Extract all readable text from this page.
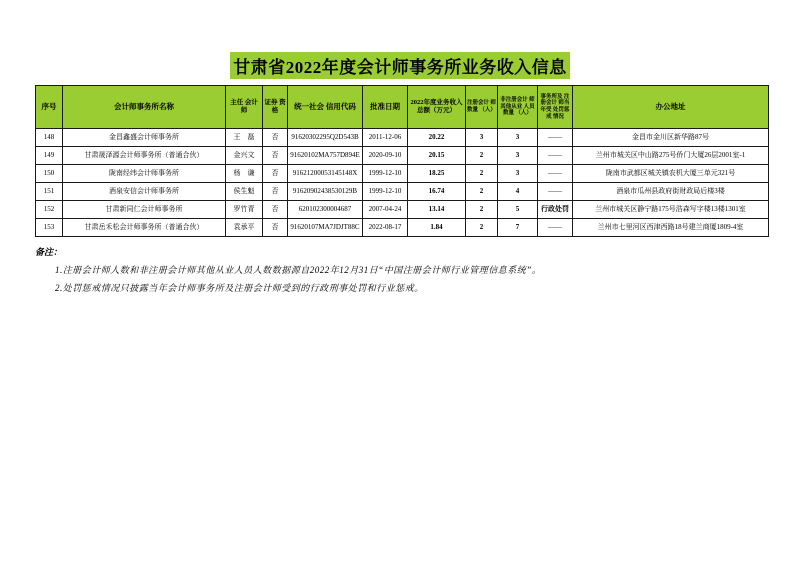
甘肃省2022年度会计师事务所业务收入信息
序号	会计师事务所名称	主任 会计师	证券 资格	统一社会 信用代码	批准日期	2022年度业务收入 总额（万元）	注册会计 师数量 （人）	非注册会计 师其他从业 人员数量 （人）	事务所及 注册会计 师当年受 处罚惩戒 情况	办公地址
148	金昌鑫盛会计师事务所	王　磊	否	91620302295Q2D543B	2011-12-06	20.22	3	3	——	金昌市金川区新华路87号
149	甘肃晟泽源会计师事务所（普通合伙）	金兴文	否	91620102MA757D894E	2020-09-10	20.15	2	3	——	兰州市城关区中山路275号侨门大厦26层2001室-1
150	陇南经纬会计师事务所	杨　谦	否	91621200053145148X	1999-12-10	18.25	2	3	——	陇南市武都区城关镇农机大厦三单元321号
151	酒泉安信会计师事务所	侯生魁	否	91620902438530129B	1999-12-10	16.74	2	4	——	酒泉市瓜州县政府街财政局后楼3楼
152	甘肃新同仁会计师事务所	罗竹青	否	620102300004687	2007-04-24	13.14	2	5	行政处罚	兰州市城关区静宁路175号浩森写字楼13楼1301室
153	甘肃岳禾松会计师事务所（普通合伙）	袁承平	否	91620107MA7JDJT88C	2022-08-17	1.84	2	7	——	兰州市七里河区西津西路18号建兰商厦1809-4室
备注：
1.注册会计师人数和非注册会计师其他从业人员人数数据源自2022年12月31日“中国注册会计师行业管理信息系统”。
2.处罚惩戒情况只披露当年会计师事务所及注册会计师受到的行政刑事处罚和行业惩戒。
